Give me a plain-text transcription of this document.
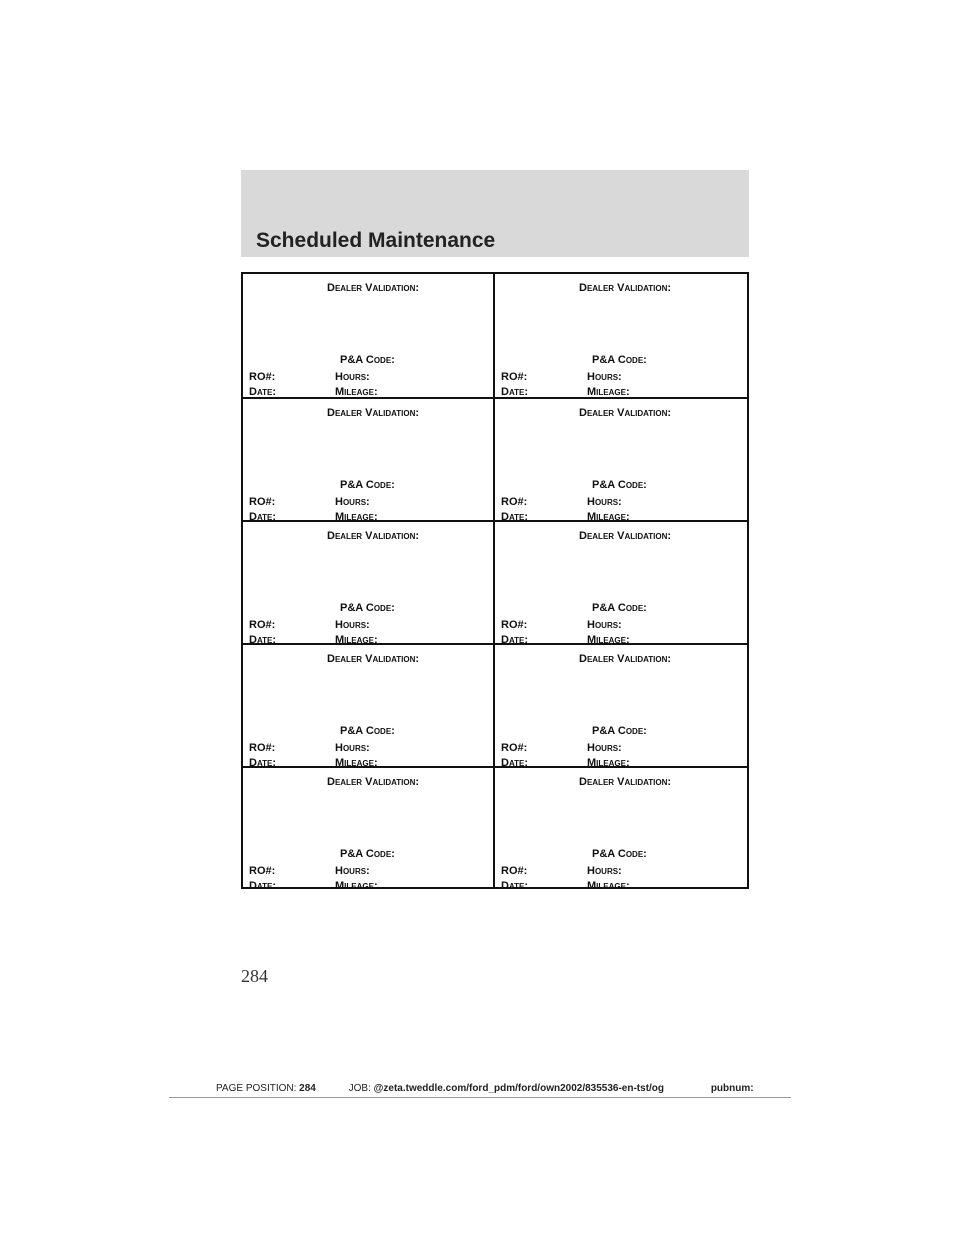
Scheduled Maintenance
Dealer Validation:
P&A Code:
RO#:	Hours:
Date:	Mileage:
Dealer Validation:
P&A Code:
RO#:	Hours:
Date:	Mileage:
Dealer Validation:
P&A Code:
RO#:	Hours:
Date:	Mileage:
Dealer Validation:
P&A Code:
RO#:	Hours:
Date:	Mileage:
Dealer Validation:
P&A Code:
RO#:	Hours:
Date:	Mileage:
Dealer Validation:
P&A Code:
RO#:	Hours:
Date:	Mileage:
Dealer Validation:
P&A Code:
RO#:	Hours:
Date:	Mileage:
Dealer Validation:
P&A Code:
RO#:	Hours:
Date:	Mileage:
Dealer Validation:
P&A Code:
RO#:	Hours:
Date:	Mileage:
Dealer Validation:
P&A Code:
RO#:	Hours:
Date:	Mileage:
284
PAGE POSITION: 284	JOB: @zeta.tweddle.com/ford_pdm/ford/own2002/835536-en-tst/og	pubnum:
